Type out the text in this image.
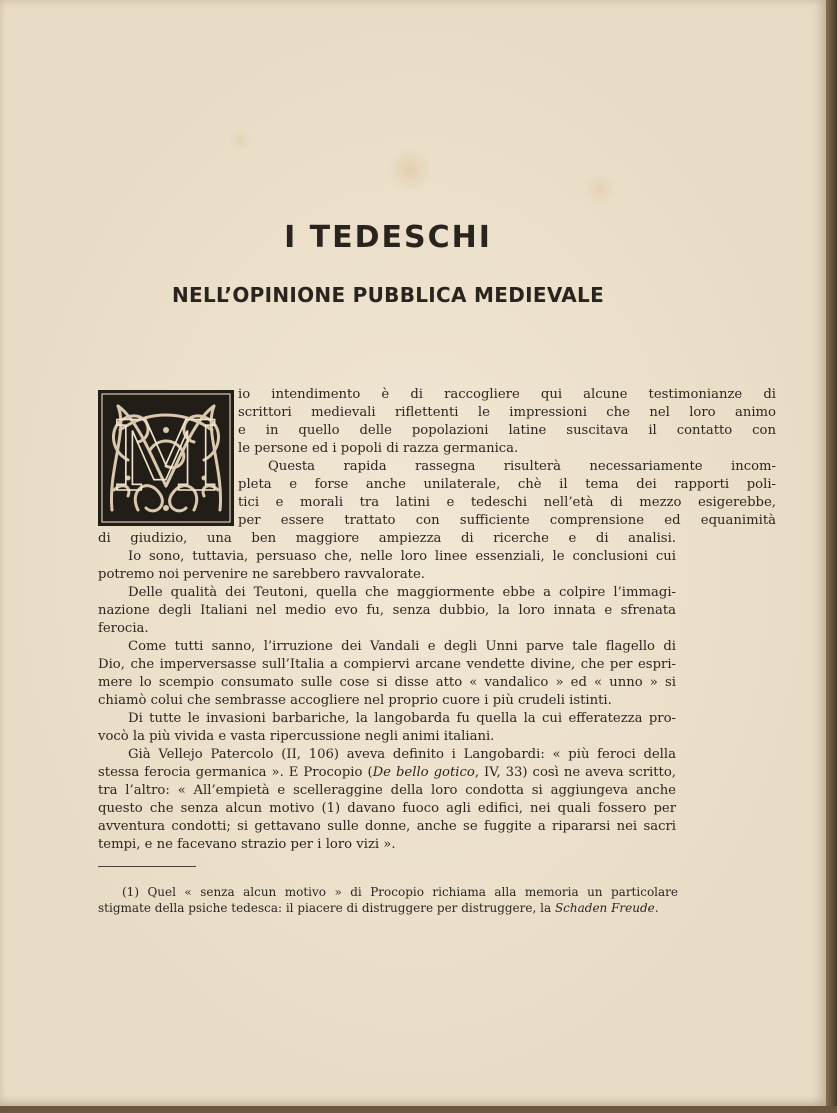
I TEDESCHI
NELL’OPINIONE PUBBLICA MEDIEVALE
M
io intendimento è di raccogliere qui alcune testimonianze di
scrittori medievali riflettenti le impressioni che nel loro animo
e in quello delle popolazioni latine suscitava il contatto con
le persone ed i popoli di razza germanica.
Questa rapida rassegna risulterà necessariamente incom-
pleta e forse anche unilaterale, chè il tema dei rapporti poli-
tici e morali tra latini e tedeschi nell’età di mezzo esigerebbe,
per essere trattato con sufficiente comprensione ed equanimità
di giudizio, una ben maggiore ampiezza di ricerche e di analisi.
Io sono, tuttavia, persuaso che, nelle loro linee essenziali, le conclusioni cui
potremo noi pervenire ne sarebbero ravvalorate.
Delle qualità dei Teutoni, quella che maggiormente ebbe a colpire l’immagi-
nazione degli Italiani nel medio evo fu, senza dubbio, la loro innata e sfrenata
ferocia.
Come tutti sanno, l’irruzione dei Vandali e degli Unni parve tale flagello di
Dio, che imperversasse sull’Italia a compiervi arcane vendette divine, che per espri-
mere lo scempio consumato sulle cose si disse atto « vandalico » ed « unno » si
chiamò colui che sembrasse accogliere nel proprio cuore i più crudeli istinti.
Di tutte le invasioni barbariche, la langobarda fu quella la cui efferatezza pro-
vocò la più vivida e vasta ripercussione negli animi italiani.
Già Vellejo Patercolo (II, 106) aveva definito i Langobardi: « più feroci della
stessa ferocia germanica ». E Procopio (De bello gotico, IV, 33) così ne aveva scritto,
tra l’altro: « All’empietà e scelleraggine della loro condotta si aggiungeva anche
questo che senza alcun motivo (1) davano fuoco agli edifici, nei quali fossero per
avventura condotti; si gettavano sulle donne, anche se fuggite a ripararsi nei sacri
tempi, e ne facevano strazio per i loro vizi ».
(1) Quel « senza alcun motivo » di Procopio richiama alla memoria un particolare
stigmate della psiche tedesca: il piacere di distruggere per distruggere, la Schaden Freude.
